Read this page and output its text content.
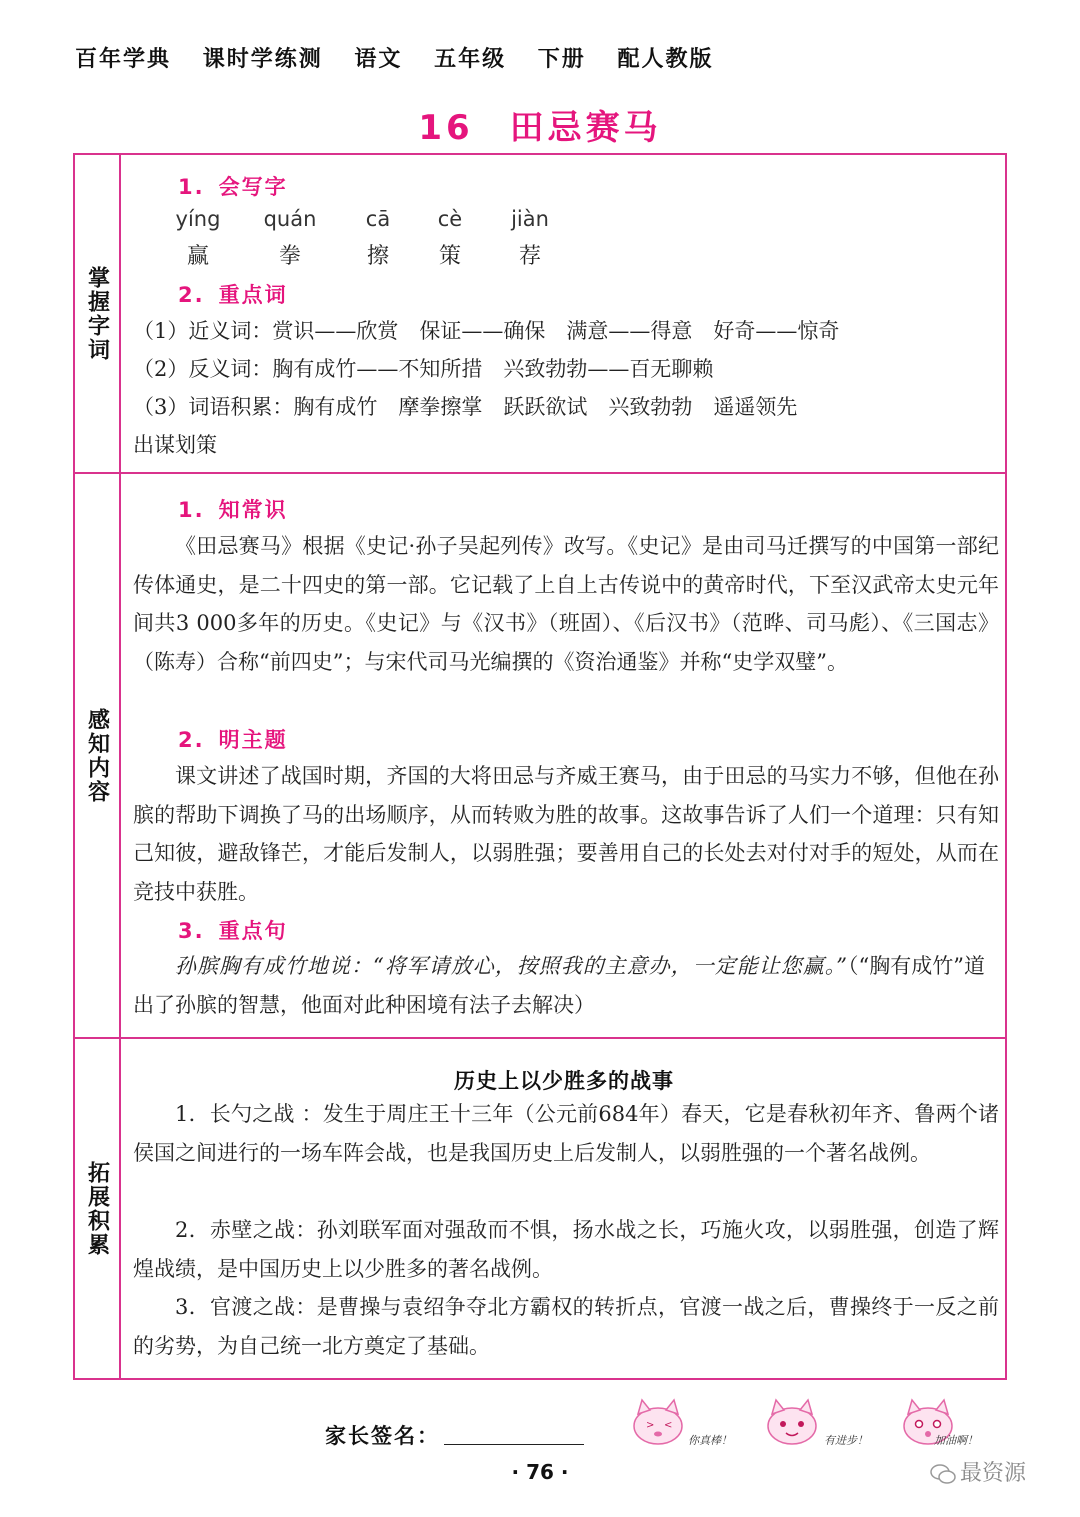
百年学典 课时学练测 语文 五年级 下册 配人教版
16 田忌赛马
掌握字词
1. 会写字
yíng	quán	cā	cè	jiàn
赢	拳	擦	策	荐
2. 重点词
（1）近义词：赏识——欣赏　保证——确保　满意——得意　好奇——惊奇
（2）反义词：胸有成竹——不知所措　兴致勃勃——百无聊赖
（3）词语积累：胸有成竹　摩拳擦掌　跃跃欲试　兴致勃勃　遥遥领先
出谋划策
感知内容
1. 知常识
《田忌赛马》根据《史记·孙子吴起列传》改写。《史记》是由司马迁撰写的中国第一部纪传体通史，是二十四史的第一部。它记载了上自上古传说中的黄帝时代，下至汉武帝太史元年间共3 000多年的历史。《史记》与《汉书》（班固）、《后汉书》（范晔、司马彪）、《三国志》（陈寿）合称“前四史”；与宋代司马光编撰的《资治通鉴》并称“史学双璧”。
2. 明主题
课文讲述了战国时期，齐国的大将田忌与齐威王赛马，由于田忌的马实力不够，但他在孙膑的帮助下调换了马的出场顺序，从而转败为胜的故事。这故事告诉了人们一个道理：只有知己知彼，避敌锋芒，才能后发制人，以弱胜强；要善用自己的长处去对付对手的短处，从而在竞技中获胜。
3. 重点句
孙膑胸有成竹地说：“将军请放心，按照我的主意办，一定能让您赢。”（“胸有成竹”道出了孙膑的智慧，他面对此种困境有法子去解决）
拓展积累
历史上以少胜多的战事
1．长勺之战 ：发生于周庄王十三年（公元前684年）春天，它是春秋初年齐、鲁两个诸侯国之间进行的一场车阵会战，也是我国历史上后发制人，以弱胜强的一个著名战例。
2．赤壁之战：孙刘联军面对强敌而不惧，扬水战之长，巧施火攻，以弱胜强，创造了辉煌战绩，是中国历史上以少胜多的著名战例。
3．官渡之战：是曹操与袁绍争夺北方霸权的转折点，官渡一战之后，曹操终于一反之前的劣势，为自己统一北方奠定了基础。
家长签名：	> <
你真棒！	有进步！	加油啊！
· 76 ·	最资源
